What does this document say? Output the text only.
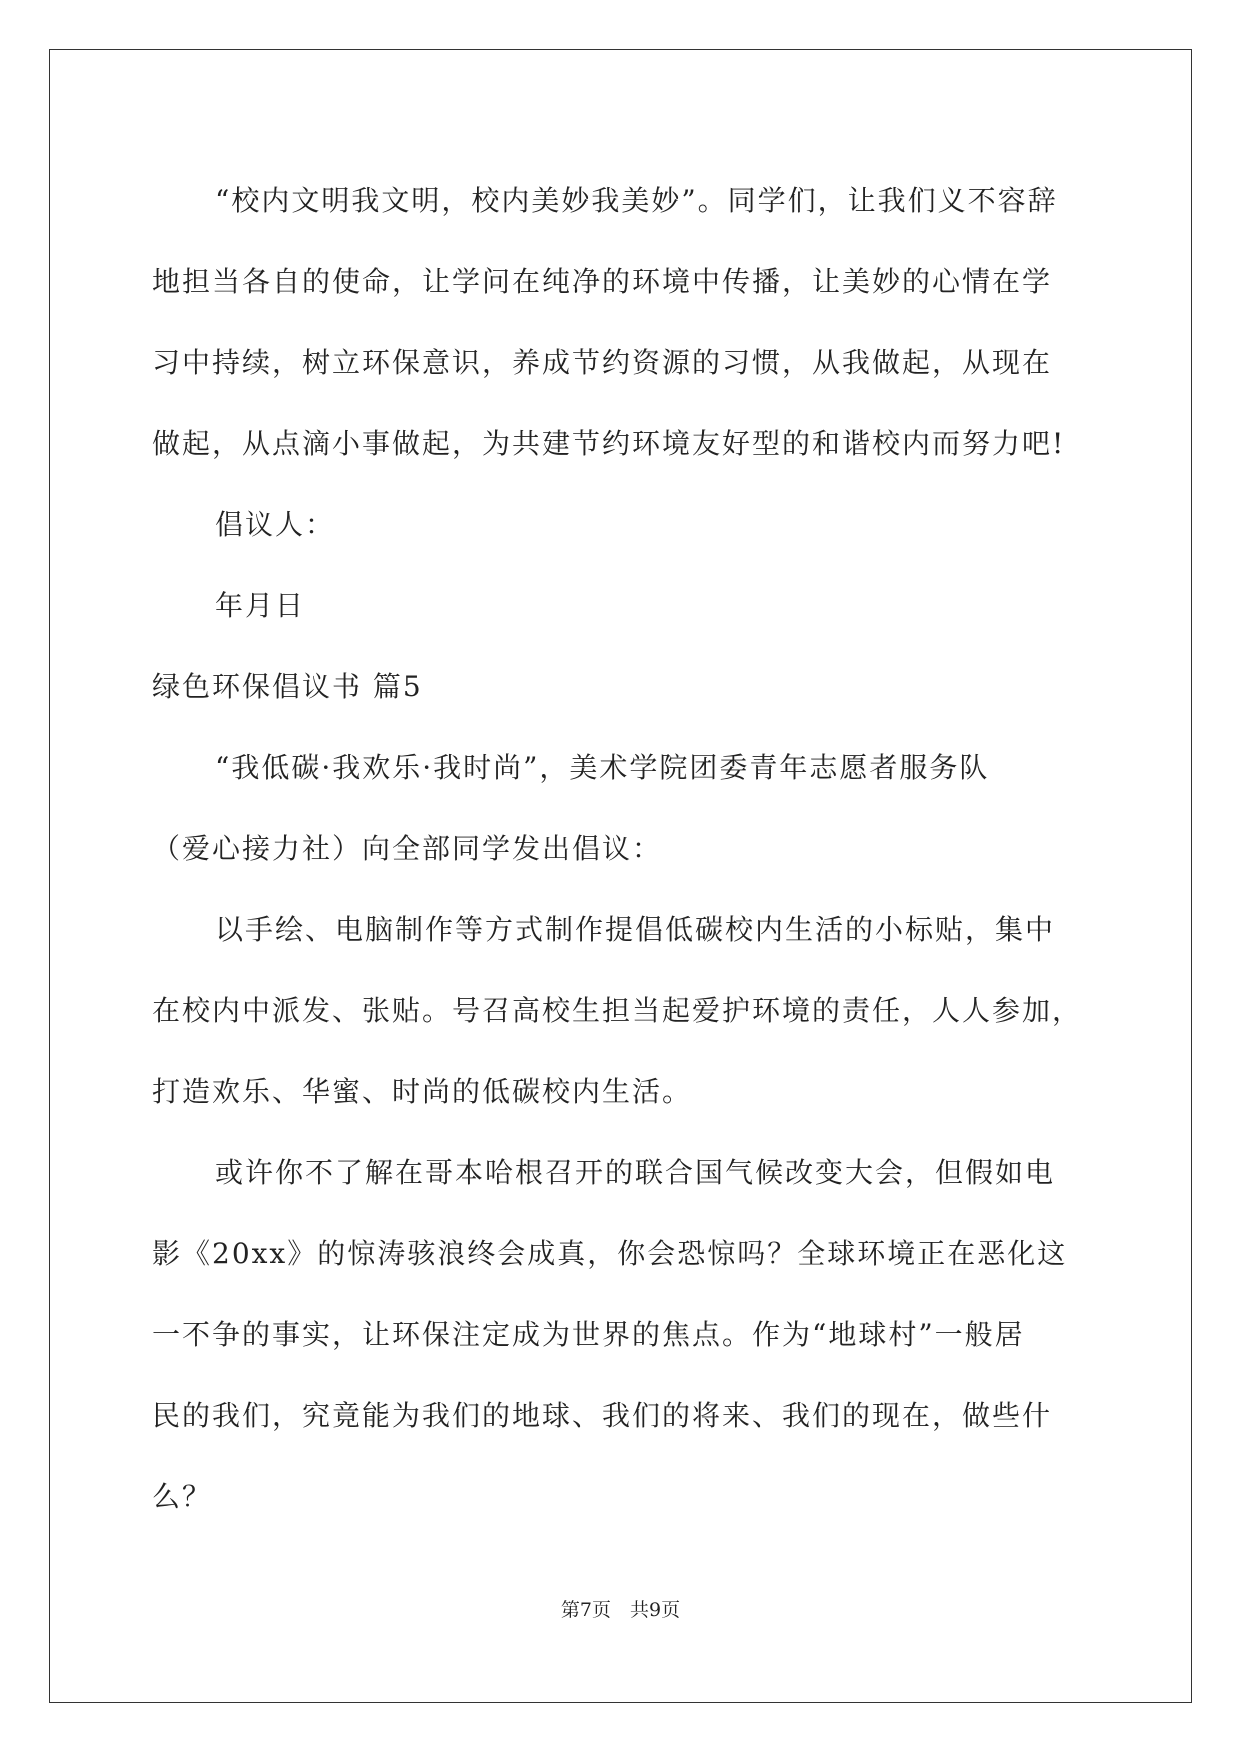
“校内文明我文明，校内美妙我美妙”。同学们，让我们义不容辞
地担当各自的使命，让学问在纯净的环境中传播，让美妙的心情在学
习中持续，树立环保意识，养成节约资源的习惯，从我做起，从现在
做起，从点滴小事做起，为共建节约环境友好型的和谐校内而努力吧!
倡议人：
年月日
绿色环保倡议书 篇5
“我低碳·我欢乐·我时尚”，美术学院团委青年志愿者服务队
（爱心接力社）向全部同学发出倡议：
以手绘、电脑制作等方式制作提倡低碳校内生活的小标贴，集中
在校内中派发、张贴。号召高校生担当起爱护环境的责任，人人参加，
打造欢乐、华蜜、时尚的低碳校内生活。
或许你不了解在哥本哈根召开的联合国气候改变大会，但假如电
影《20xx》的惊涛骇浪终会成真，你会恐惊吗？全球环境正在恶化这
一不争的事实，让环保注定成为世界的焦点。作为“地球村”一般居
民的我们，究竟能为我们的地球、我们的将来、我们的现在，做些什
么？
第7页　共9页
